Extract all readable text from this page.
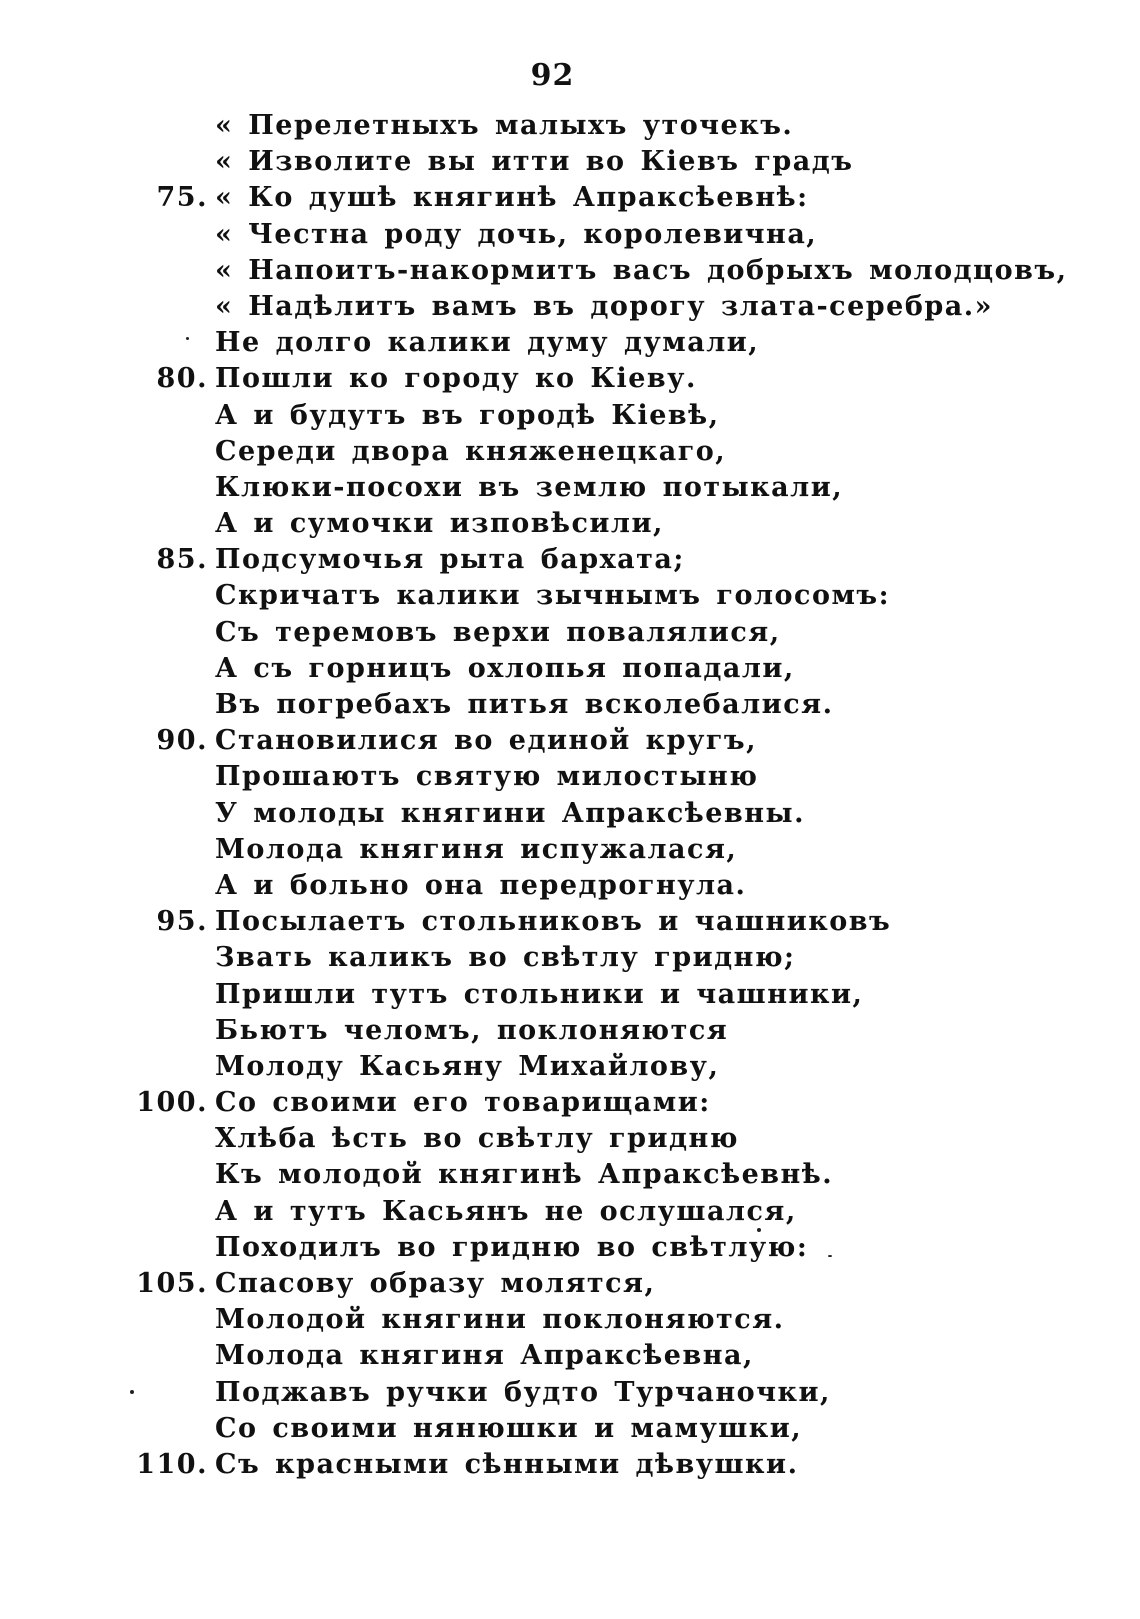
92
« Перелетныхъ малыхъ уточекъ.
« Изволите вы итти во Кіевъ градъ
75. « Ко душѣ княгинѣ Апраксѣевнѣ:
« Честна роду дочь, королевична,
« Напоитъ-накормитъ васъ добрыхъ молодцовъ,
« Надѣлитъ вамъ въ дорогу злата-серебра.»
Не долго калики думу думали,
80. Пошли ко городу ко Кіеву.
А и будутъ въ городѣ Кіевѣ,
Середи двора княженецкаго,
Клюки-посохи въ землю потыкали,
А и сумочки изповѣсили,
85. Подсумочья рыта бархата;
Скричатъ калики зычнымъ голосомъ:
Съ теремовъ верхи повалялися,
А съ горницъ охлопья попадали,
Въ погребахъ питья всколебалися.
90. Становилися во единой кругъ,
Прошаютъ святую милостыню
У молоды княгини Апраксѣевны.
Молода княгиня испужалася,
А и больно она передрогнула.
95. Посылаетъ стольниковъ и чашниковъ
Звать каликъ во свѣтлу гридню;
Пришли тутъ стольники и чашники,
Бьютъ челомъ, поклоняются
Молоду Касьяну Михайлову,
100. Со своими его товарищами:
Хлѣба ѣсть во свѣтлу гридню
Къ молодой княгинѣ Апраксѣевнѣ.
А и тутъ Касьянъ не ослушался,
Походилъ во гридню во свѣтлую:
105. Спасову образу молятся,
Молодой княгини поклоняются.
Молода княгиня Апраксѣевна,
Поджавъ ручки будто Турчаночки,
Со своими нянюшки и мамушки,
110. Съ красными сѣнными дѣвушки.
